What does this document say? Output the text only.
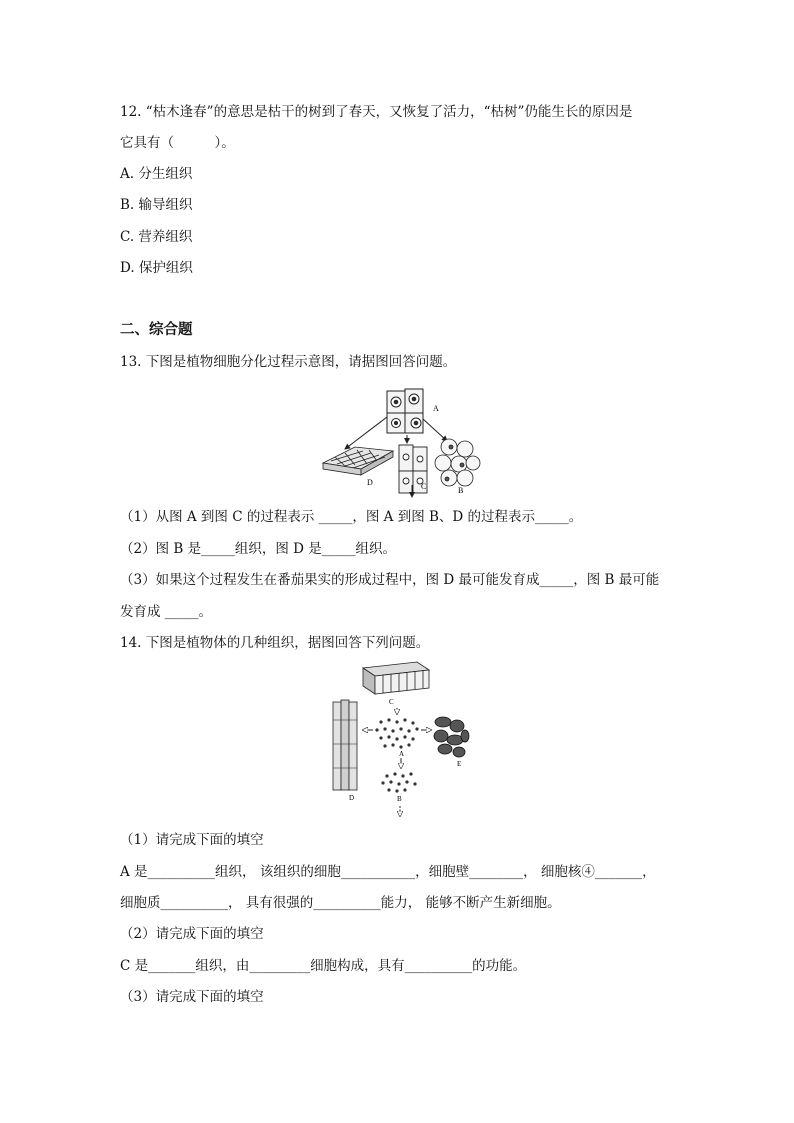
12. “枯木逢春”的意思是枯干的树到了春天，又恢复了活力，“枯树”仍能生长的原因是
它具有（　　　）。
A. 分生组织
B. 输导组织
C. 营养组织
D. 保护组织
二、综合题
13. 下图是植物细胞分化过程示意图，请据图回答问题。
A
D	C	B
（1）从图 A 到图 C 的过程表示 _____，图 A 到图 B、D 的过程表示_____。
（2）图 B 是_____组织，图 D 是_____组织。
（3）如果这个过程发生在番茄果实的形成过程中，图 D 最可能发育成_____，图 B 最可能
发育成 _____。
14. 下图是植物体的几种组织，据图回答下列问题。
C
A
D
E
B
（1）请完成下面的填空
A 是__________组织， 该组织的细胞___________，细胞壁________， 细胞核④_______，
细胞质__________， 具有很强的__________能力， 能够不断产生新细胞。
（2）请完成下面的填空
C 是_______组织，由_________细胞构成，具有__________的功能。
（3）请完成下面的填空
